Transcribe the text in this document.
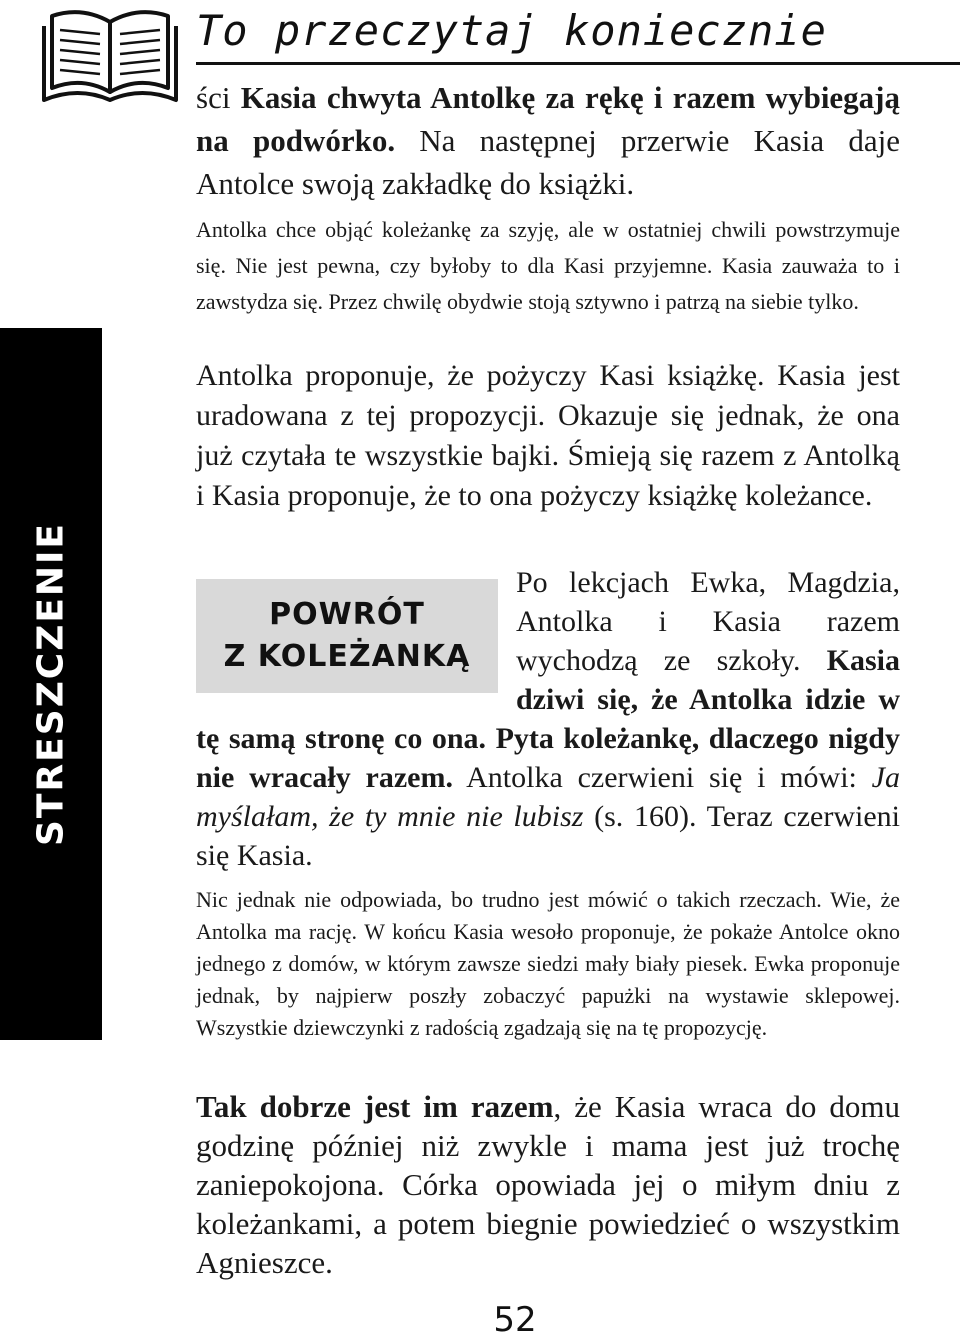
To przeczytaj koniecznie
STRESZCZENIE

ści Kasia chwyta Antolkę za rękę i razem wybiegają na podwórko. Na następnej przerwie Kasia daje Antolce swoją zakładkę do książki.

Antolka chce objąć koleżankę za szyję, ale w ostatniej chwili powstrzymuje się. Nie jest pewna, czy byłoby to dla Kasi przyjemne. Kasia zauważa to i zawstydza się. Przez chwilę obydwie stoją sztywno i patrzą na siebie tylko.

Antolka proponuje, że pożyczy Kasi książkę. Kasia jest uradowana z tej propozycji. Okazuje się jednak, że ona już czytała te wszystkie bajki. Śmieją się razem z Antolką i Kasia proponuje, że to ona pożyczy książkę koleżance.

POWRÓT
Z KOLEŻANKĄ
Po lekcjach Ewka, Magdzia, Antolka i Kasia razem wychodzą ze szkoły. Kasia dziwi się, że Antolka idzie w tę samą stronę co ona. Pyta koleżankę, dlaczego nigdy nie wracały razem. Antolka czerwieni się i mówi: Ja myślałam, że ty mnie nie lubisz (s. 160). Teraz czerwieni się Kasia.

Nic jednak nie odpowiada, bo trudno jest mówić o takich rzeczach. Wie, że Antolka ma rację. W końcu Kasia wesoło proponuje, że pokaże Antolce okno jednego z domów, w którym zawsze siedzi mały biały piesek. Ewka proponuje jednak, by najpierw poszły zobaczyć papużki na wystawie sklepowej. Wszystkie dziewczynki z radością zgadzają się na tę propozycję.

Tak dobrze jest im razem, że Kasia wraca do domu godzinę później niż zwykle i mama jest już trochę zaniepokojona. Córka opowiada jej o miłym dniu z koleżankami, a potem biegnie powiedzieć o wszystkim Agnieszce.

52
